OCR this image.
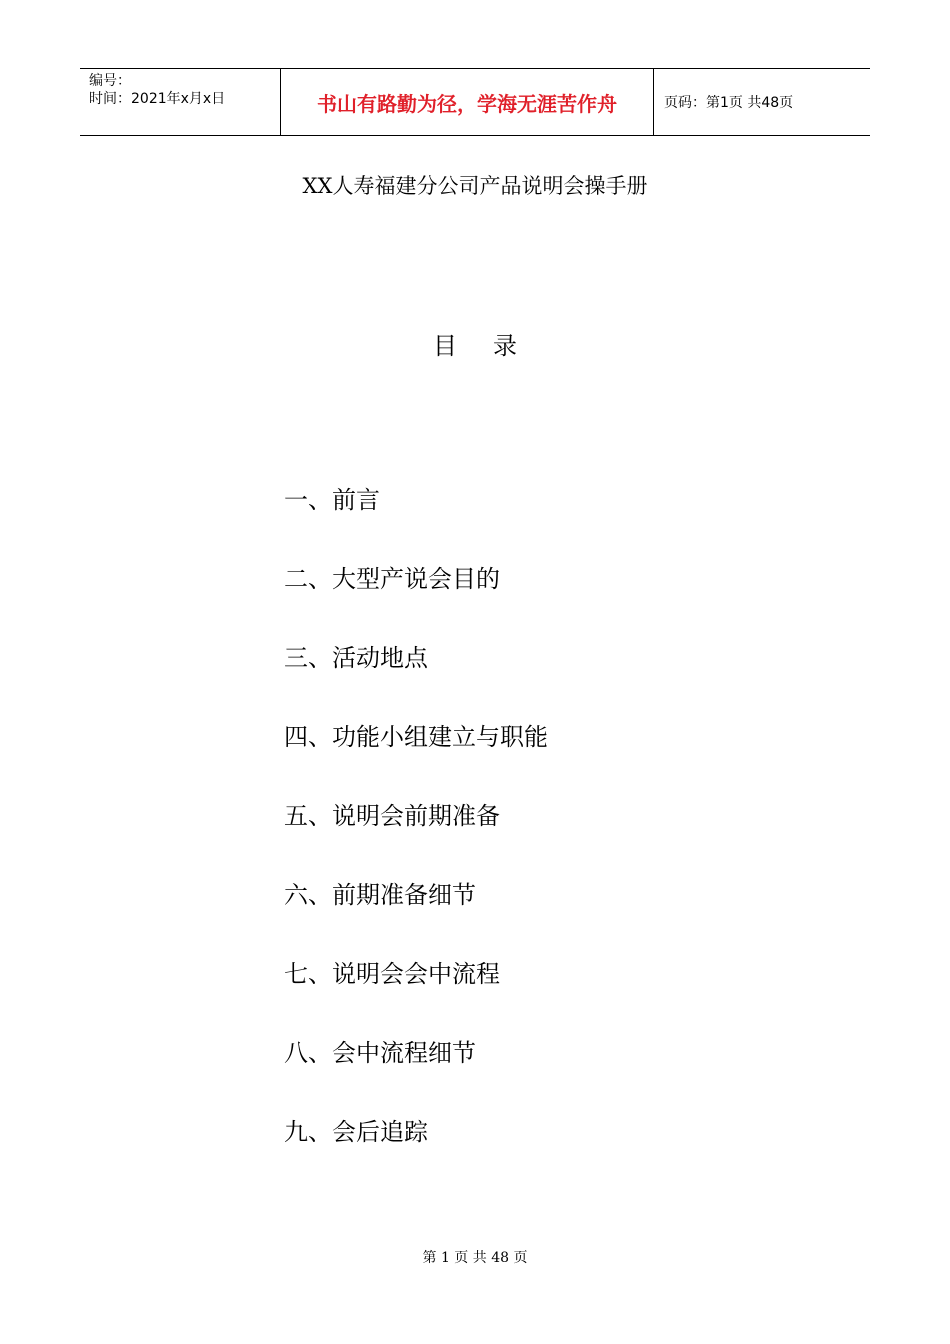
编号：
时间：2021年x月x日	书山有路勤为径，学海无涯苦作舟	页码：第1页 共48页
XX人寿福建分公司产品说明会操手册
目 录
一、前言
二、大型产说会目的
三、活动地点
四、功能小组建立与职能
五、说明会前期准备
六、前期准备细节
七、说明会会中流程
八、会中流程细节
九、会后追踪
第 1 页 共 48 页
